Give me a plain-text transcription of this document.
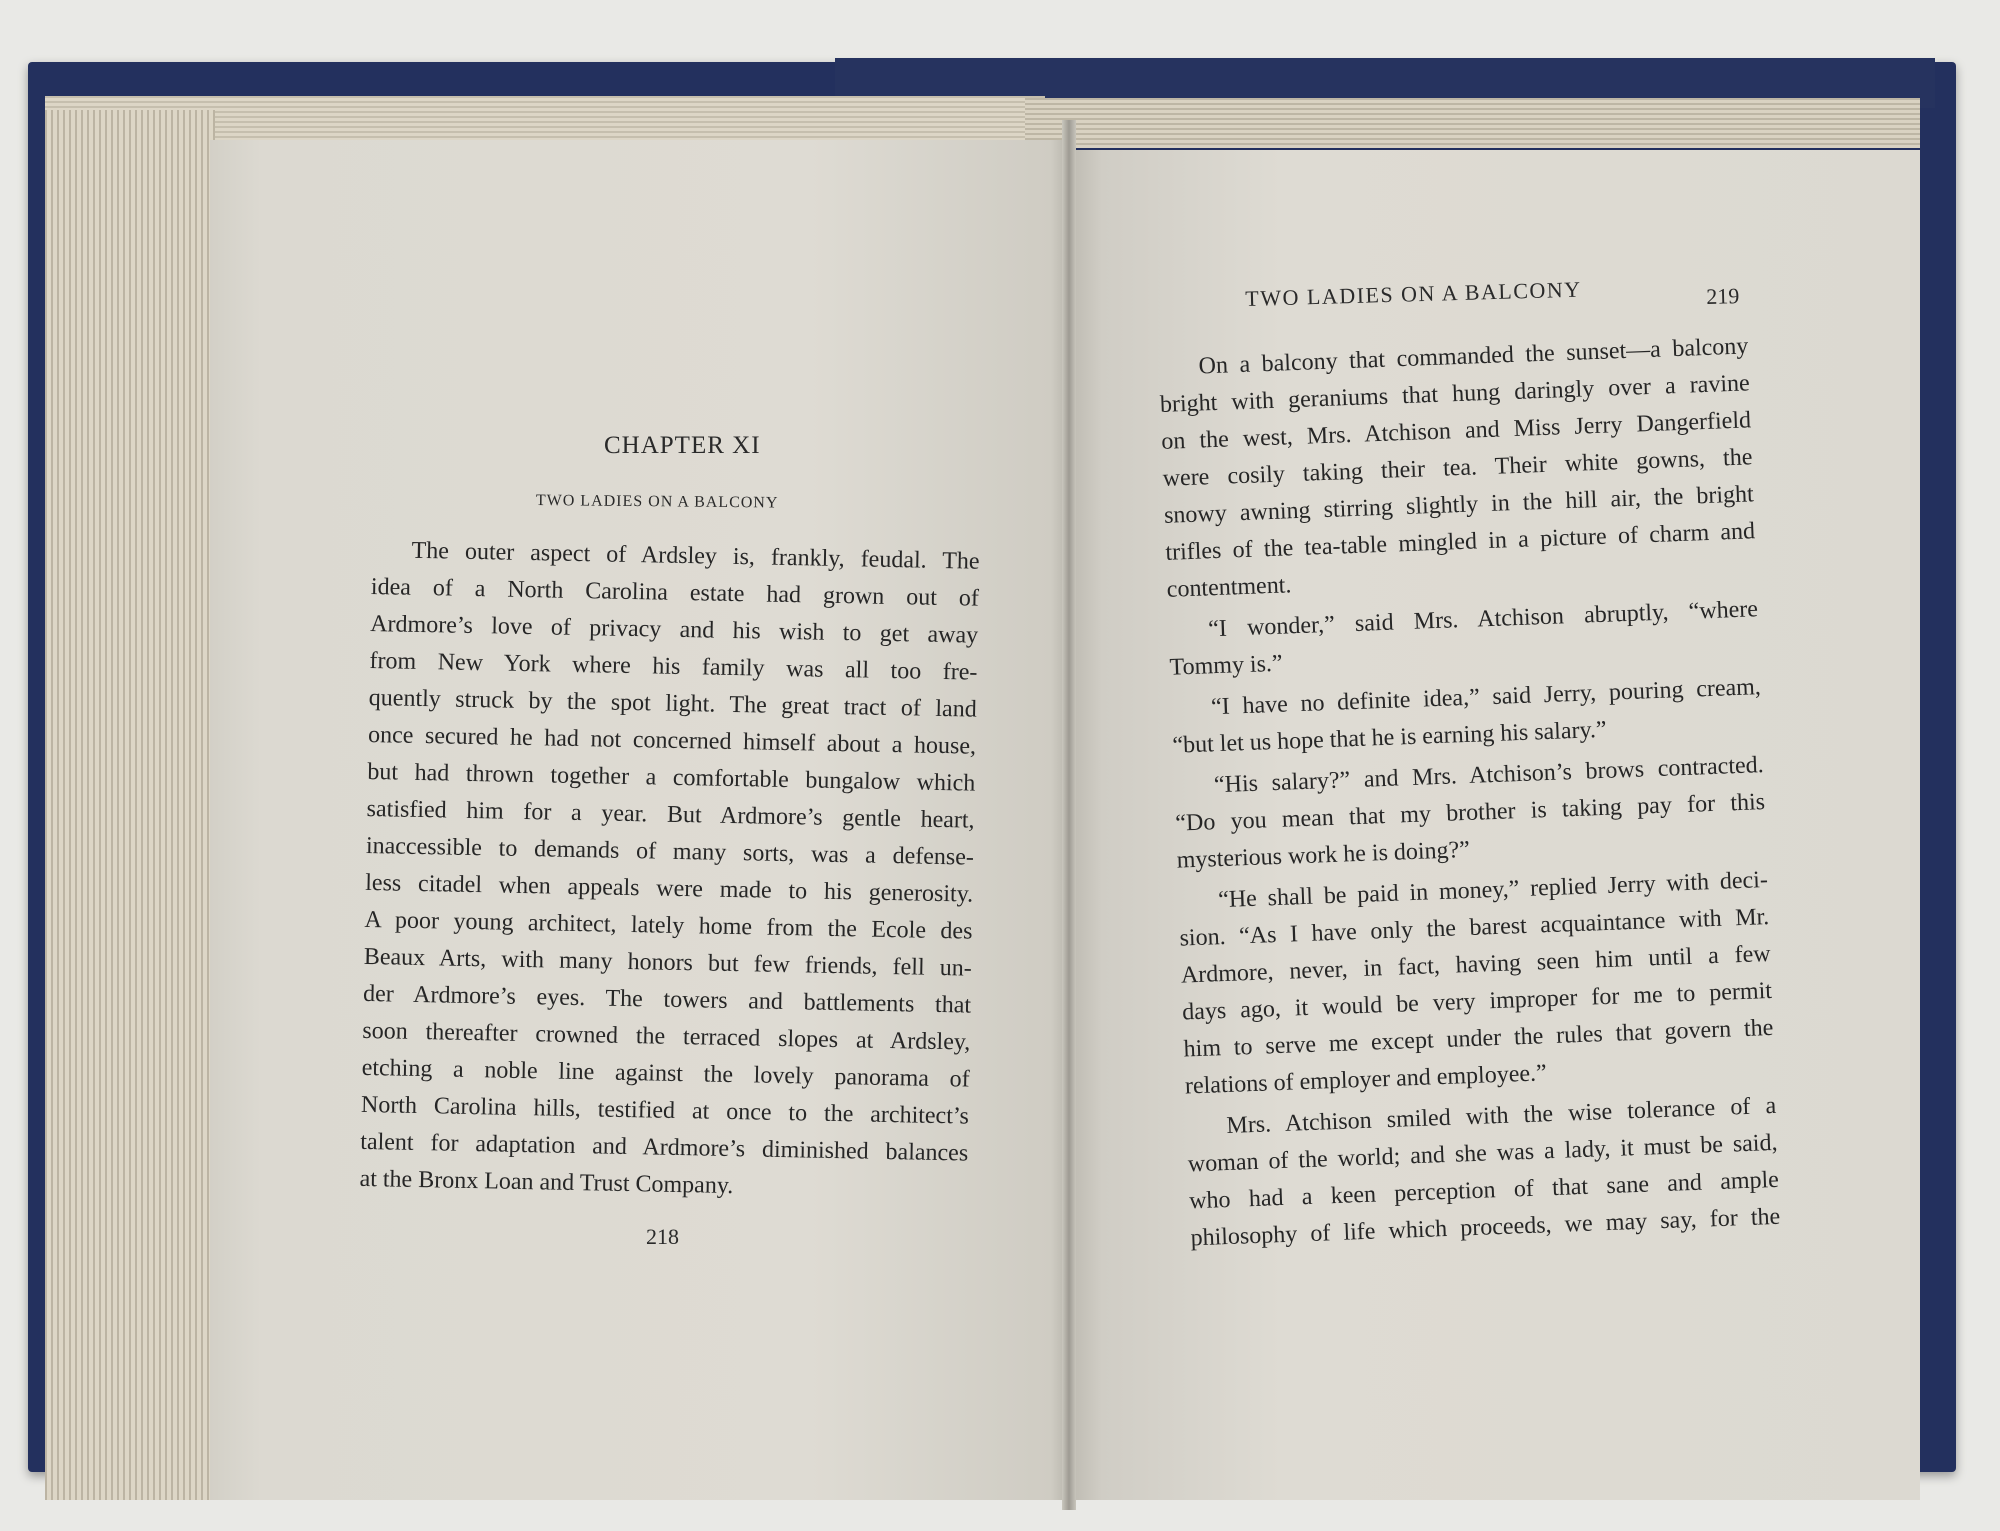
CHAPTER XI
TWO LADIES ON A BALCONY
The outer aspect of Ardsley is, frankly, feudal. The
idea of a North Carolina estate had grown out of
Ardmore’s love of privacy and his wish to get away
from New York where his family was all too fre-
quently struck by the spot light. The great tract of land
once secured he had not concerned himself about a house,
but had thrown together a comfortable bungalow which
satisfied him for a year. But Ardmore’s gentle heart,
inaccessible to demands of many sorts, was a defense-
less citadel when appeals were made to his generosity.
A poor young architect, lately home from the Ecole des
Beaux Arts, with many honors but few friends, fell un-
der Ardmore’s eyes. The towers and battlements that
soon thereafter crowned the terraced slopes at Ardsley,
etching a noble line against the lovely panorama of
North Carolina hills, testified at once to the architect’s
talent for adaptation and Ardmore’s diminished balances
at the Bronx Loan and Trust Company.
218
TWO LADIES ON A BALCONY	219
On a balcony that commanded the sunset—a balcony
bright with geraniums that hung daringly over a ravine
on the west, Mrs. Atchison and Miss Jerry Dangerfield
were cosily taking their tea. Their white gowns, the
snowy awning stirring slightly in the hill air, the bright
trifles of the tea-table mingled in a picture of charm and
contentment.
“I wonder,” said Mrs. Atchison abruptly, “where
Tommy is.”
“I have no definite idea,” said Jerry, pouring cream,
“but let us hope that he is earning his salary.”
“His salary?” and Mrs. Atchison’s brows contracted.
“Do you mean that my brother is taking pay for this
mysterious work he is doing?”
“He shall be paid in money,” replied Jerry with deci-
sion. “As I have only the barest acquaintance with Mr.
Ardmore, never, in fact, having seen him until a few
days ago, it would be very improper for me to permit
him to serve me except under the rules that govern the
relations of employer and employee.”
Mrs. Atchison smiled with the wise tolerance of a
woman of the world; and she was a lady, it must be said,
who had a keen perception of that sane and ample
philosophy of life which proceeds, we may say, for the
